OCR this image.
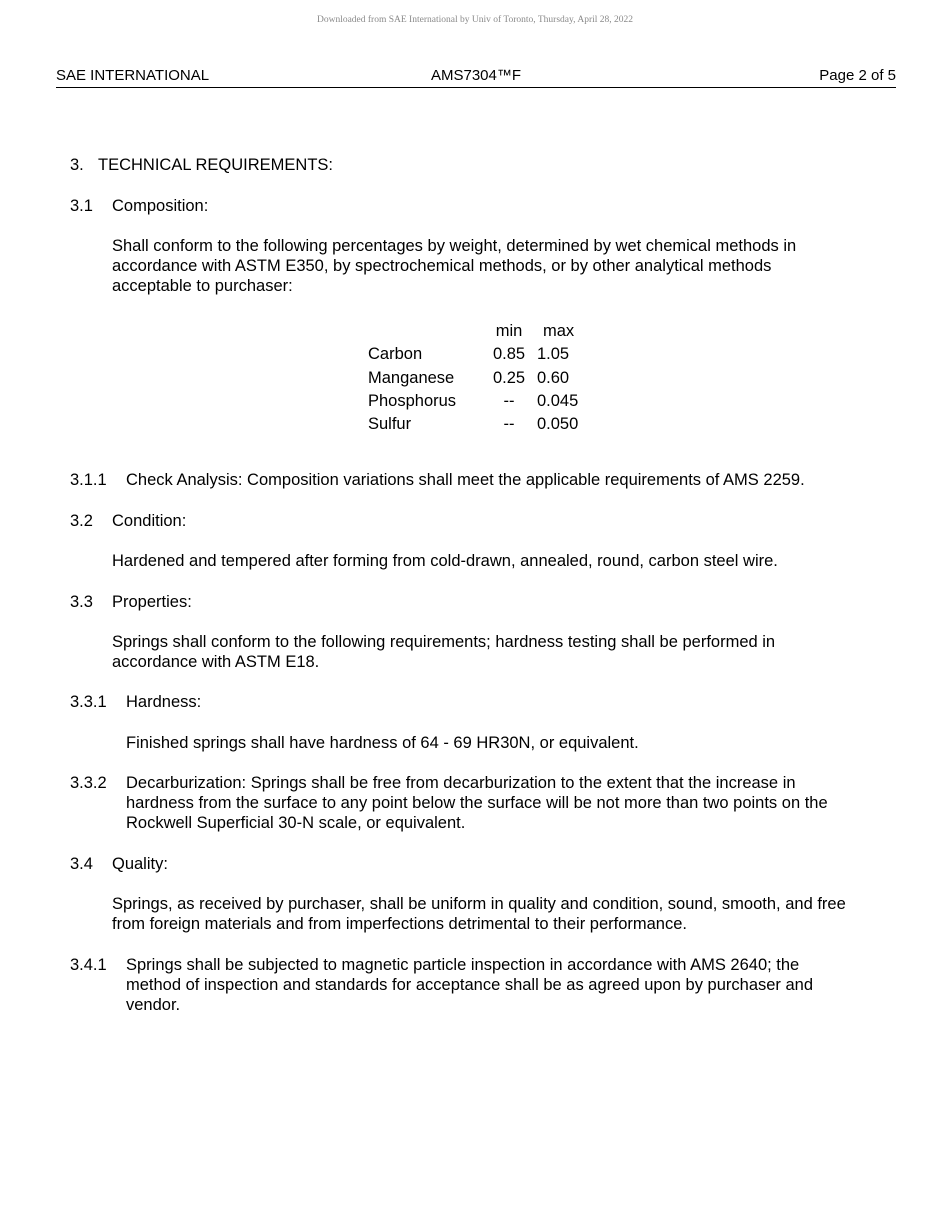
Downloaded from SAE International by Univ of Toronto, Thursday, April 28, 2022
SAE INTERNATIONAL	AMS7304™F	Page 2 of 5
3. TECHNICAL REQUIREMENTS:
3.1 Composition:
Shall conform to the following percentages by weight, determined by wet chemical methods in accordance with ASTM E350, by spectrochemical methods, or by other analytical methods acceptable to purchaser:
	min	max
Carbon	0.85	1.05
Manganese	0.25	0.60
Phosphorus	--	0.045
Sulfur	--	0.050
3.1.1 Check Analysis: Composition variations shall meet the applicable requirements of AMS 2259.
3.2 Condition:
Hardened and tempered after forming from cold-drawn, annealed, round, carbon steel wire.
3.3 Properties:
Springs shall conform to the following requirements; hardness testing shall be performed in accordance with ASTM E18.
3.3.1 Hardness:
Finished springs shall have hardness of 64 - 69 HR30N, or equivalent.
3.3.2 Decarburization: Springs shall be free from decarburization to the extent that the increase in hardness from the surface to any point below the surface will be not more than two points on the Rockwell Superficial 30-N scale, or equivalent.
3.4 Quality:
Springs, as received by purchaser, shall be uniform in quality and condition, sound, smooth, and free from foreign materials and from imperfections detrimental to their performance.
3.4.1 Springs shall be subjected to magnetic particle inspection in accordance with AMS 2640; the method of inspection and standards for acceptance shall be as agreed upon by purchaser and vendor.
